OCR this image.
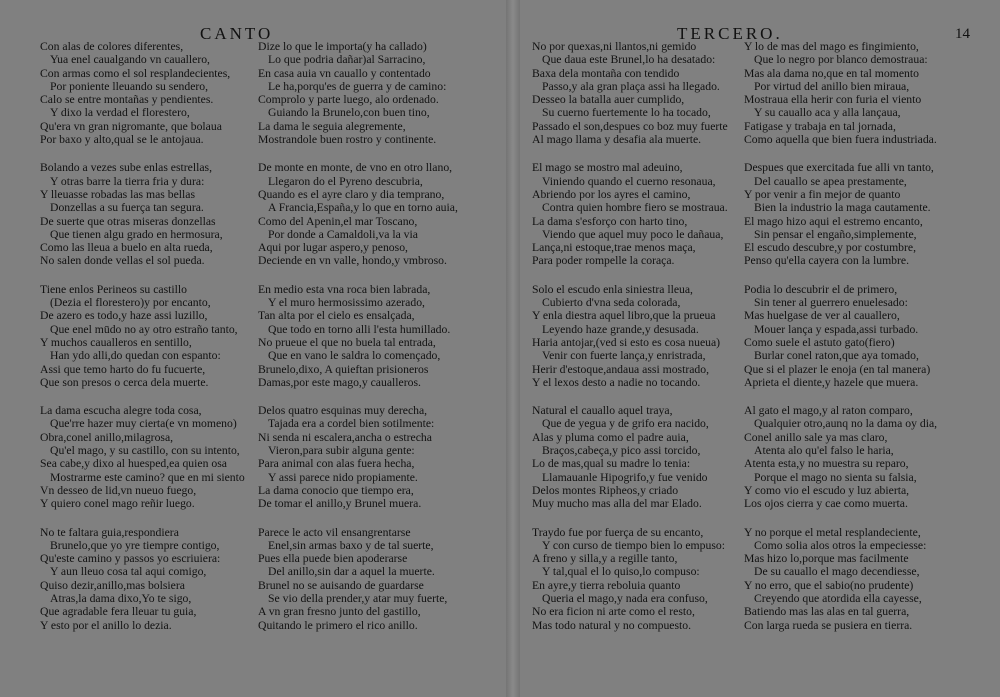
CANTO
Con alas de colores diferentes,
Yua enel caualgando vn cauallero,
Con armas como el sol resplandecientes,
Por poniente lleuando su sendero,
Calo se entre montañas y pendientes.
Y dixo la verdad el florestero,
Qu'era vn gran nigromante, que bolaua
Por baxo y alto,qual se le antojaua.
Bolando a vezes sube enlas estrellas,
Y otras barre la tierra fria y dura:
Y lleuasse robadas las mas bellas
Donzellas a su fuerça tan segura.
De suerte que otras miseras donzellas
Que tienen algu grado en hermosura,
Como las lleua a buelo en alta rueda,
No salen donde vellas el sol pueda.
Tiene enlos Perineos su castillo
(Dezia el florestero)y por encanto,
De azero es todo,y haze assi luzillo,
Que enel mūdo no ay otro estraño tanto,
Y muchos caualleros en sentillo,
Han ydo alli,do quedan con espanto:
Assi que temo harto do fu fucuerte,
Que son presos o cerca dela muerte.
La dama escucha alegre toda cosa,
Que'rre hazer muy cierta(e vn momeno)
Obra,conel anillo,milagrosa,
Qu'el mago, y su castillo, con su intento,
Sea cabe,y dixo al huesped,ea quien osa
Mostrarme este camino? que en mi siento
Vn desseo de lid,vn nueuo fuego,
Y quiero conel mago reñir luego.
No te faltara guia,respondiera
Brunelo,que yo yre tiempre contigo,
Qu'este camino y passos yo escriuiera:
Y aun lleuo cosa tal aqui comigo,
Quiso dezir,anillo,mas bolsiera
Atras,la dama dixo,Yo te sigo,
Que agradable fera lleuar tu guia,
Y esto por el anillo lo dezia.
Dize lo que le importa(y ha callado)
Lo que podria dañar)al Sarracino,
En casa auia vn cauallo y contentado
Le ha,porqu'es de guerra y de camino:
Comprolo y parte luego, alo ordenado.
Guiando la Brunelo,con buen tino,
La dama le seguia alegremente,
Mostrandole buen rostro y continente.
De monte en monte, de vno en otro llano,
Llegaron do el Pyreno descubria,
Quando es el ayre claro y dia temprano,
A Francia,España,y lo que en torno auia,
Como del Apenin,el mar Toscano,
Por donde a Camaldoli,va la via
Aqui por lugar aspero,y penoso,
Deciende en vn valle, hondo,y vmbroso.
En medio esta vna roca bien labrada,
Y el muro hermosissimo azerado,
Tan alta por el cielo es ensalçada,
Que todo en torno alli l'esta humillado.
No prueue el que no buela tal entrada,
Que en vano le saldra lo començado,
Brunelo,dixo, A quieftan prisioneros
Damas,por este mago,y caualleros.
Delos quatro esquinas muy derecha,
Tajada era a cordel bien sotilmente:
Ni senda ni escalera,ancha o estrecha
Vieron,para subir alguna gente:
Para animal con alas fuera hecha,
Y assi parece nido propiamente.
La dama conocio que tiempo era,
De tomar el anillo,y Brunel muera.
Parece le acto vil ensangrentarse
Enel,sin armas baxo y de tal suerte,
Pues ella puede bien apoderarse
Del anillo,sin dar a aquel la muerte.
Brunel no se auisando de guardarse
Se vio della prender,y atar muy fuerte,
A vn gran fresno junto del gastillo,
Quitando le primero el rico anillo.
TERCERO.	14
No por quexas,ni llantos,ni gemido
Que daua este Brunel,lo ha desatado:
Baxa dela montaña con tendido
Passo,y ala gran plaça assi ha llegado.
Desseo la batalla auer cumplido,
Su cuerno fuertemente lo ha tocado,
Passado el son,despues co boz muy fuerte
Al mago llama y desafia ala muerte.
El mago se mostro mal adeuino,
Viniendo quando el cuerno resonaua,
Abriendo por los ayres el camino,
Contra quien hombre fiero se mostraua.
La dama s'esforço con harto tino,
Viendo que aquel muy poco le dañaua,
Lança,ni estoque,trae menos maça,
Para poder rompelle la coraça.
Solo el escudo enla siniestra lleua,
Cubierto d'vna seda colorada,
Y enla diestra aquel libro,que la prueua
Leyendo haze grande,y desusada.
Haria antojar,(ved si esto es cosa nueua)
Venir con fuerte lança,y enristrada,
Herir d'estoque,andaua assi mostrado,
Y el lexos desto a nadie no tocando.
Natural el cauallo aquel traya,
Que de yegua y de grifo era nacido,
Alas y pluma como el padre auia,
Braços,cabeça,y pico assi torcido,
Lo de mas,qual su madre lo tenia:
Llamauanle Hipogrifo,y fue venido
Delos montes Ripheos,y criado
Muy mucho mas alla del mar Elado.
Traydo fue por fuerça de su encanto,
Y con curso de tiempo bien lo empuso:
A freno y silla,y a regille tanto,
Y tal,qual el lo quiso,lo compuso:
En ayre,y tierra reboluia quanto
Queria el mago,y nada era confuso,
No era ficion ni arte como el resto,
Mas todo natural y no compuesto.
Y lo de mas del mago es fingimiento,
Que lo negro por blanco demostraua:
Mas ala dama no,que en tal momento
Por virtud del anillo bien miraua,
Mostraua ella herir con furia el viento
Y su cauallo aca y alla lançaua,
Fatigase y trabaja en tal jornada,
Como aquella que bien fuera industriada.
Despues que exercitada fue alli vn tanto,
Del cauallo se apea prestamente,
Y por venir a fin mejor de quanto
Bien la industrio la maga cautamente.
El mago hizo aqui el estremo encanto,
Sin pensar el engaño,simplemente,
El escudo descubre,y por costumbre,
Penso qu'ella cayera con la lumbre.
Podia lo descubrir el de primero,
Sin tener al guerrero enuelesado:
Mas huelgase de ver al cauallero,
Mouer lança y espada,assi turbado.
Como suele el astuto gato(fiero)
Burlar conel raton,que aya tomado,
Que si el plazer le enoja (en tal manera)
Aprieta el diente,y hazele que muera.
Al gato el mago,y al raton comparo,
Qualquier otro,aunq no la dama oy dia,
Conel anillo sale ya mas claro,
Atenta alo qu'el falso le haria,
Atenta esta,y no muestra su reparo,
Porque el mago no sienta su falsia,
Y como vio el escudo y luz abierta,
Los ojos cierra y cae como muerta.
Y no porque el metal resplandeciente,
Como solia alos otros la empeciesse:
Mas hizo lo,porque mas facilmente
De su cauallo el mago decendiesse,
Y no erro, que el sabio(no prudente)
Creyendo que atordida ella cayesse,
Batiendo mas las alas en tal guerra,
Con larga rueda se pusiera en tierra.
